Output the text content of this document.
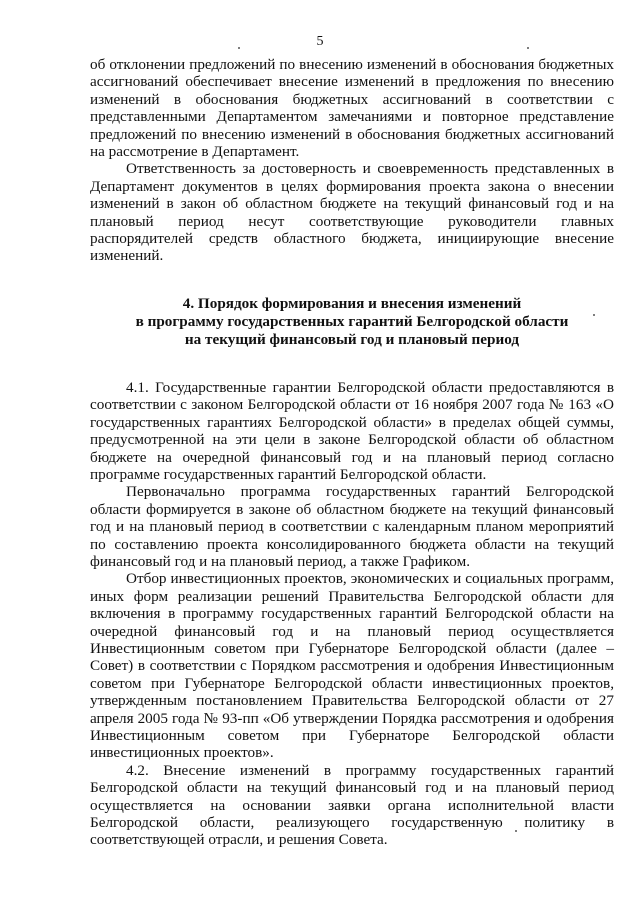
5

об отклонении предложений по внесению изменений в обоснования бюджетных ассигнований обеспечивает внесение изменений в предложения по внесению изменений в обоснования бюджетных ассигнований в соответствии с представленными Департаментом замечаниями и повторное представление предложений по внесению изменений в обоснования бюджетных ассигнований на рассмотрение в Департамент.

Ответственность за достоверность и своевременность представленных в Департамент документов в целях формирования проекта закона о внесении изменений в закон об областном бюджете на текущий финансовый год и на плановый период несут соответствующие руководители главных распорядителей средств областного бюджета, инициирующие внесение изменений.

4. Порядок формирования и внесения изменений
в программу государственных гарантий Белгородской области
на текущий финансовый год и плановый период

4.1. Государственные гарантии Белгородской области предоставляются в соответствии с законом Белгородской области от 16 ноября 2007 года № 163 «О государственных гарантиях Белгородской области» в пределах общей суммы, предусмотренной на эти цели в законе Белгородской области об областном бюджете на очередной финансовый год и на плановый период согласно программе государственных гарантий Белгородской области.

Первоначально программа государственных гарантий Белгородской области формируется в законе об областном бюджете на текущий финансовый год и на плановый период в соответствии с календарным планом мероприятий по составлению проекта консолидированного бюджета области на текущий финансовый год и на плановый период, а также Графиком.

Отбор инвестиционных проектов, экономических и социальных программ, иных форм реализации решений Правительства Белгородской области для включения в программу государственных гарантий Белгородской области на очередной финансовый год и на плановый период осуществляется Инвестиционным советом при Губернаторе Белгородской области (далее – Совет) в соответствии с Порядком рассмотрения и одобрения Инвестиционным советом при Губернаторе Белгородской области инвестиционных проектов, утвержденным постановлением Правительства Белгородской области от 27 апреля 2005 года № 93-пп «Об утверждении Порядка рассмотрения и одобрения Инвестиционным советом при Губернаторе Белгородской области инвестиционных проектов».

4.2. Внесение изменений в программу государственных гарантий Белгородской области на текущий финансовый год и на плановый период осуществляется на основании заявки органа исполнительной власти Белгородской области, реализующего государственную политику в соответствующей отрасли, и решения Совета.
